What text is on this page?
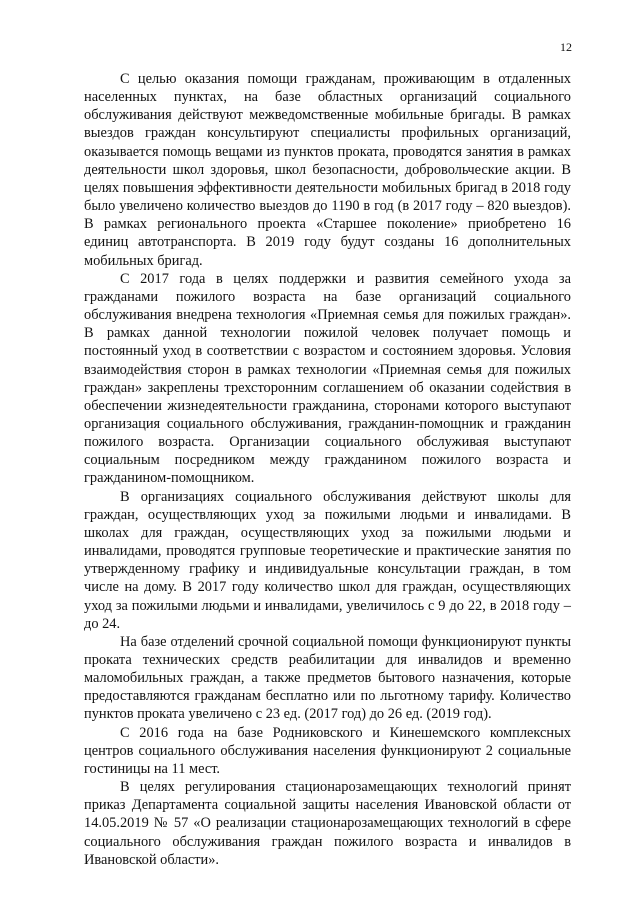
12

С целью оказания помощи гражданам, проживающим в отдаленных населенных пунктах, на базе областных организаций социального обслуживания действуют межведомственные мобильные бригады. В рамках выездов граждан консультируют специалисты профильных организаций, оказывается помощь вещами из пунктов проката, проводятся занятия в рамках деятельности школ здоровья, школ безопасности, добровольческие акции. В целях повышения эффективности деятельности мобильных бригад в 2018 году было увеличено количество выездов до 1190 в год (в 2017 году – 820 выездов). В рамках регионального проекта «Старшее поколение» приобретено 16 единиц автотранспорта. В 2019 году будут созданы 16 дополнительных мобильных бригад.

С 2017 года в целях поддержки и развития семейного ухода за гражданами пожилого возраста на базе организаций социального обслуживания внедрена технология «Приемная семья для пожилых граждан». В рамках данной технологии пожилой человек получает помощь и постоянный уход в соответствии с возрастом и состоянием здоровья. Условия взаимодействия сторон в рамках технологии «Приемная семья для пожилых граждан» закреплены трехсторонним соглашением об оказании содействия в обеспечении жизнедеятельности гражданина, сторонами которого выступают организация социального обслуживания, гражданин-помощник и гражданин пожилого возраста. Организации социального обслуживая выступают социальным посредником между гражданином пожилого возраста и гражданином-помощником.

В организациях социального обслуживания действуют школы для граждан, осуществляющих уход за пожилыми людьми и инвалидами. В школах для граждан, осуществляющих уход за пожилыми людьми и инвалидами, проводятся групповые теоретические и практические занятия по утвержденному графику и индивидуальные консультации граждан, в том числе на дому. В 2017 году количество школ для граждан, осуществляющих уход за пожилыми людьми и инвалидами, увеличилось с 9 до 22, в 2018 году – до 24.

На базе отделений срочной социальной помощи функционируют пункты проката технических средств реабилитации для инвалидов и временно маломобильных граждан, а также предметов бытового назначения, которые предоставляются гражданам бесплатно или по льготному тарифу. Количество пунктов проката увеличено с 23 ед. (2017 год) до 26 ед. (2019 год).

С 2016 года на базе Родниковского и Кинешемского комплексных центров социального обслуживания населения функционируют 2 социальные гостиницы на 11 мест.

В целях регулирования стационарозамещающих технологий принят приказ Департамента социальной защиты населения Ивановской области от 14.05.2019 № 57 «О реализации стационарозамещающих технологий в сфере социального обслуживания граждан пожилого возраста и инвалидов в Ивановской области».
